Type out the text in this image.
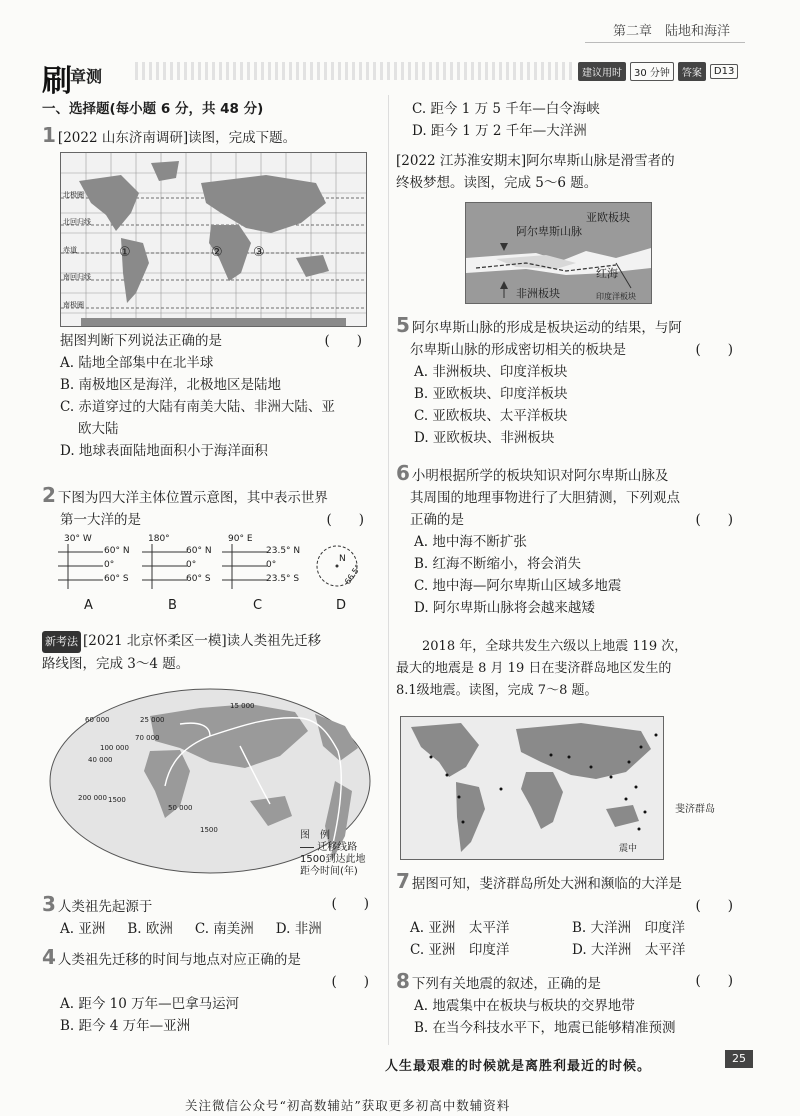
第二章　陆地和海洋
刷
章测	建议用时	30 分钟	答案	D13
一、选择题(每小题 6 分，共 48 分)
1 [2022 山东济南调研]读图，完成下题。
①	② ③
北极圈
北回归线
赤道
南回归线
南极圈
据图判断下列说法正确的是	(　　)
A. 陆地全部集中在北半球
B. 南极地区是海洋，北极地区是陆地
C. 赤道穿过的大陆有南美大陆、非洲大陆、亚
欧大陆
D. 地球表面陆地面积小于海洋面积
2 下图为四大洋主体位置示意图，其中表示世界
第一大洋的是	(　　)
30° W
60° N
0°
60° S
A
180°
60° N
0°
60° S
B
90° E
23.5° N
0°
23.5° S
C
N
66.5°
D
新考法 [2021 北京怀柔区一模]读人类祖先迁移
路线图，完成 3～4 题。
15 000
25 000
60 000
70 000
100 000
40 000
200 000 1500
50 000
1500	图　例
迁移线路
1500到达此地
距今时间(年)
3 人类祖先起源于	(　　)
A. 亚洲 B. 欧洲 C. 南美洲 D. 非洲
4 人类祖先迁移的时间与地点对应正确的是
(　　)
A. 距今 10 万年—巴拿马运河
B. 距今 4 万年—亚洲
C. 距今 1 万 5 千年—白令海峡
D. 距今 1 万 2 千年—大洋洲
[2022 江苏淮安期末]阿尔卑斯山脉是滑雪者的
终极梦想。读图，完成 5～6 题。
亚欧板块
阿尔卑斯山脉
红海
非洲板块	印度洋板块
5 阿尔卑斯山脉的形成是板块运动的结果，与阿
尔卑斯山脉的形成密切相关的板块是	(　　)
A. 非洲板块、印度洋板块
B. 亚欧板块、印度洋板块
C. 亚欧板块、太平洋板块
D. 亚欧板块、非洲板块
6 小明根据所学的板块知识对阿尔卑斯山脉及
其周围的地理事物进行了大胆猜测，下列观点
正确的是	(　　)
A. 地中海不断扩张
B. 红海不断缩小，将会消失
C. 地中海—阿尔卑斯山区域多地震
D. 阿尔卑斯山脉将会越来越矮
2018 年，全球共发生六级以上地震 119 次，
最大的地震是 8 月 19 日在斐济群岛地区发生的
8.1级地震。读图，完成 7～8 题。
震中
斐济群岛
7 据图可知，斐济群岛所处大洲和濒临的大洋是
(　　)
A. 亚洲　太平洋	B. 大洋洲　印度洋
C. 亚洲　印度洋	D. 大洋洲　太平洋
8 下列有关地震的叙述，正确的是	(　　)
A. 地震集中在板块与板块的交界地带
B. 在当今科技水平下，地震已能够精准预测
人生最艰难的时候就是离胜利最近的时候。
25
关注微信公众号“初高数辅站”获取更多初高中数辅资料
